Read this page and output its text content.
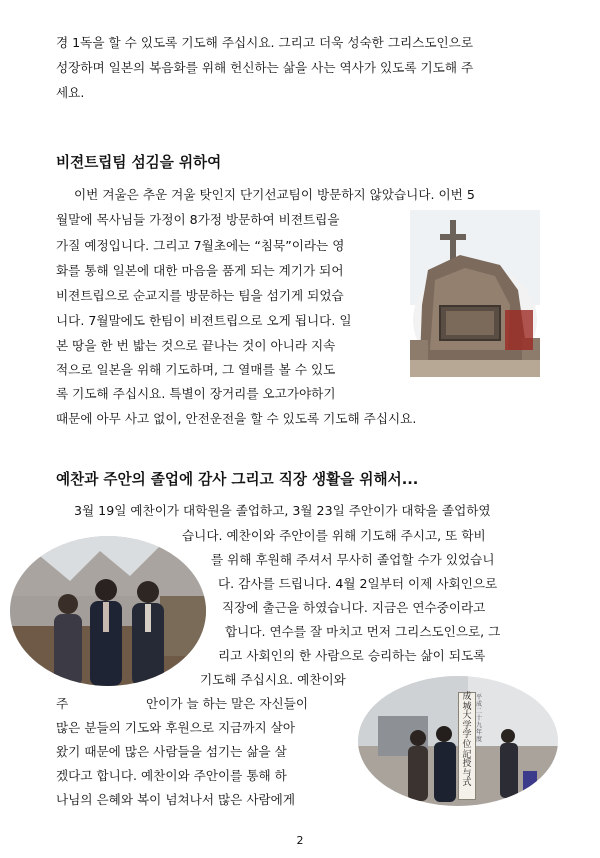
경 1독을 할 수 있도록 기도해 주십시요. 그리고 더욱 성숙한 그리스도인으로
성장하며 일본의 복음화를 위해 헌신하는 삶을 사는 역사가 있도록 기도해 주
세요.
비젼트립팀 섬김을 위하여
이번 겨울은 추운 겨울 탓인지 단기선교팀이 방문하지 않았습니다. 이번 5
월말에 목사님들 가정이 8가정 방문하여 비젼트립을
가질 예정입니다. 그리고 7월초에는 “침묵”이라는 영
화를 통해 일본에 대한 마음을 품게 되는 계기가 되어
비젼트립으로 순교지를 방문하는 팀을 섬기게 되었습
니다. 7월말에도 한팀이 비젼트립으로 오게 됩니다. 일
본 땅을 한 번 밟는 것으로 끝나는 것이 아니라 지속
적으로 일본을 위해 기도하며, 그 열매를 볼 수 있도
록 기도해 주십시요. 특별이 장거리를 오고가야하기
때문에 아무 사고 없이, 안전운전을 할 수 있도록 기도해 주십시요.
예찬과 주안의 졸업에 감사 그리고 직장 생활을 위해서...
3월 19일 예찬이가 대학원을 졸업하고, 3월 23일 주안이가 대학을 졸업하였
습니다. 예찬이와 주안이를 위해 기도해 주시고, 또 학비
를 위해 후원해 주셔서 무사히 졸업할 수가 있었습니
다. 감사를 드립니다. 4월 2일부터 이제 사회인으로
직장에 출근을 하였습니다. 지금은 연수중이라고
합니다. 연수를 잘 마치고 먼저 그리스도인으로, 그
리고 사회인의 한 사람으로 승리하는 삶이 되도록
기도해 주십시요. 예찬이와
주	안이가 늘 하는 말은 자신들이
많은 분들의 기도와 후원으로 지금까지 살아
왔기 때문에 많은 사람들을 섬기는 삶을 살
겠다고 합니다. 예찬이와 주안이를 통해 하
나님의 은혜와 복이 넘쳐나서 많은 사람에게
成城大学学位記授与式
平成二十九年度
2
